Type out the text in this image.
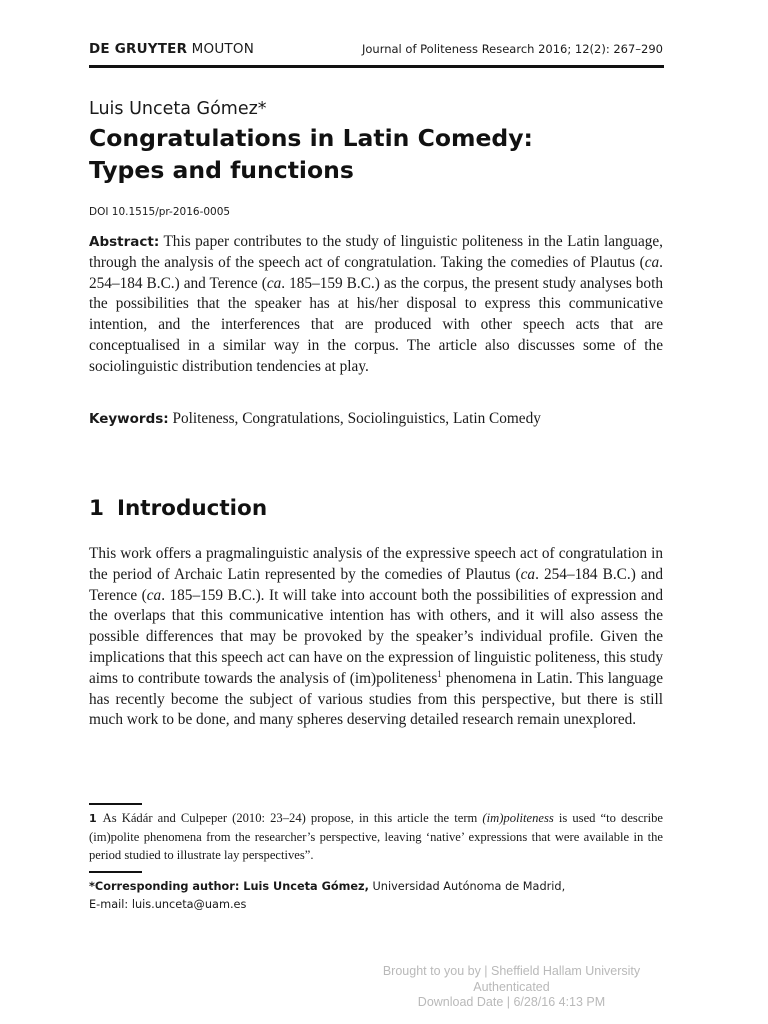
DE GRUYTER MOUTON	Journal of Politeness Research 2016; 12(2): 267–290
Luis Unceta Gómez*
Congratulations in Latin Comedy:
Types and functions
DOI 10.1515/pr-2016-0005

Abstract: This paper contributes to the study of linguistic politeness in the Latin language, through the analysis of the speech act of congratulation. Taking the comedies of Plautus (ca. 254–184 B.C.) and Terence (ca. 185–159 B.C.) as the corpus, the present study analyses both the possibilities that the speaker has at his/her disposal to express this communicative intention, and the interferences that are produced with other speech acts that are conceptualised in a similar way in the corpus. The article also discusses some of the sociolinguistic distribution tendencies at play.

Keywords: Politeness, Congratulations, Sociolinguistics, Latin Comedy

1 Introduction

This work offers a pragmalinguistic analysis of the expressive speech act of congratulation in the period of Archaic Latin represented by the comedies of Plautus (ca. 254–184 B.C.) and Terence (ca. 185–159 B.C.). It will take into account both the possibilities of expression and the overlaps that this communicative intention has with others, and it will also assess the possible differences that may be provoked by the speaker’s individual profile. Given the implications that this speech act can have on the expression of linguistic politeness, this study aims to contribute towards the analysis of (im)politeness$^1$ phenomena in Latin. This language has recently become the subject of various studies from this perspective, but there is still much work to be done, and many spheres deserving detailed research remain unexplored.

1 As Kádár and Culpeper (2010: 23–24) propose, in this article the term (im)politeness is used “to describe (im)polite phenomena from the researcher’s perspective, leaving ‘native’ expressions that were available in the period studied to illustrate lay perspectives”.

*Corresponding author: Luis Unceta Gómez, Universidad Autónoma de Madrid,
E-mail: luis.unceta@uam.es

Brought to you by | Sheffield Hallam University
Authenticated
Download Date | 6/28/16 4:13 PM
